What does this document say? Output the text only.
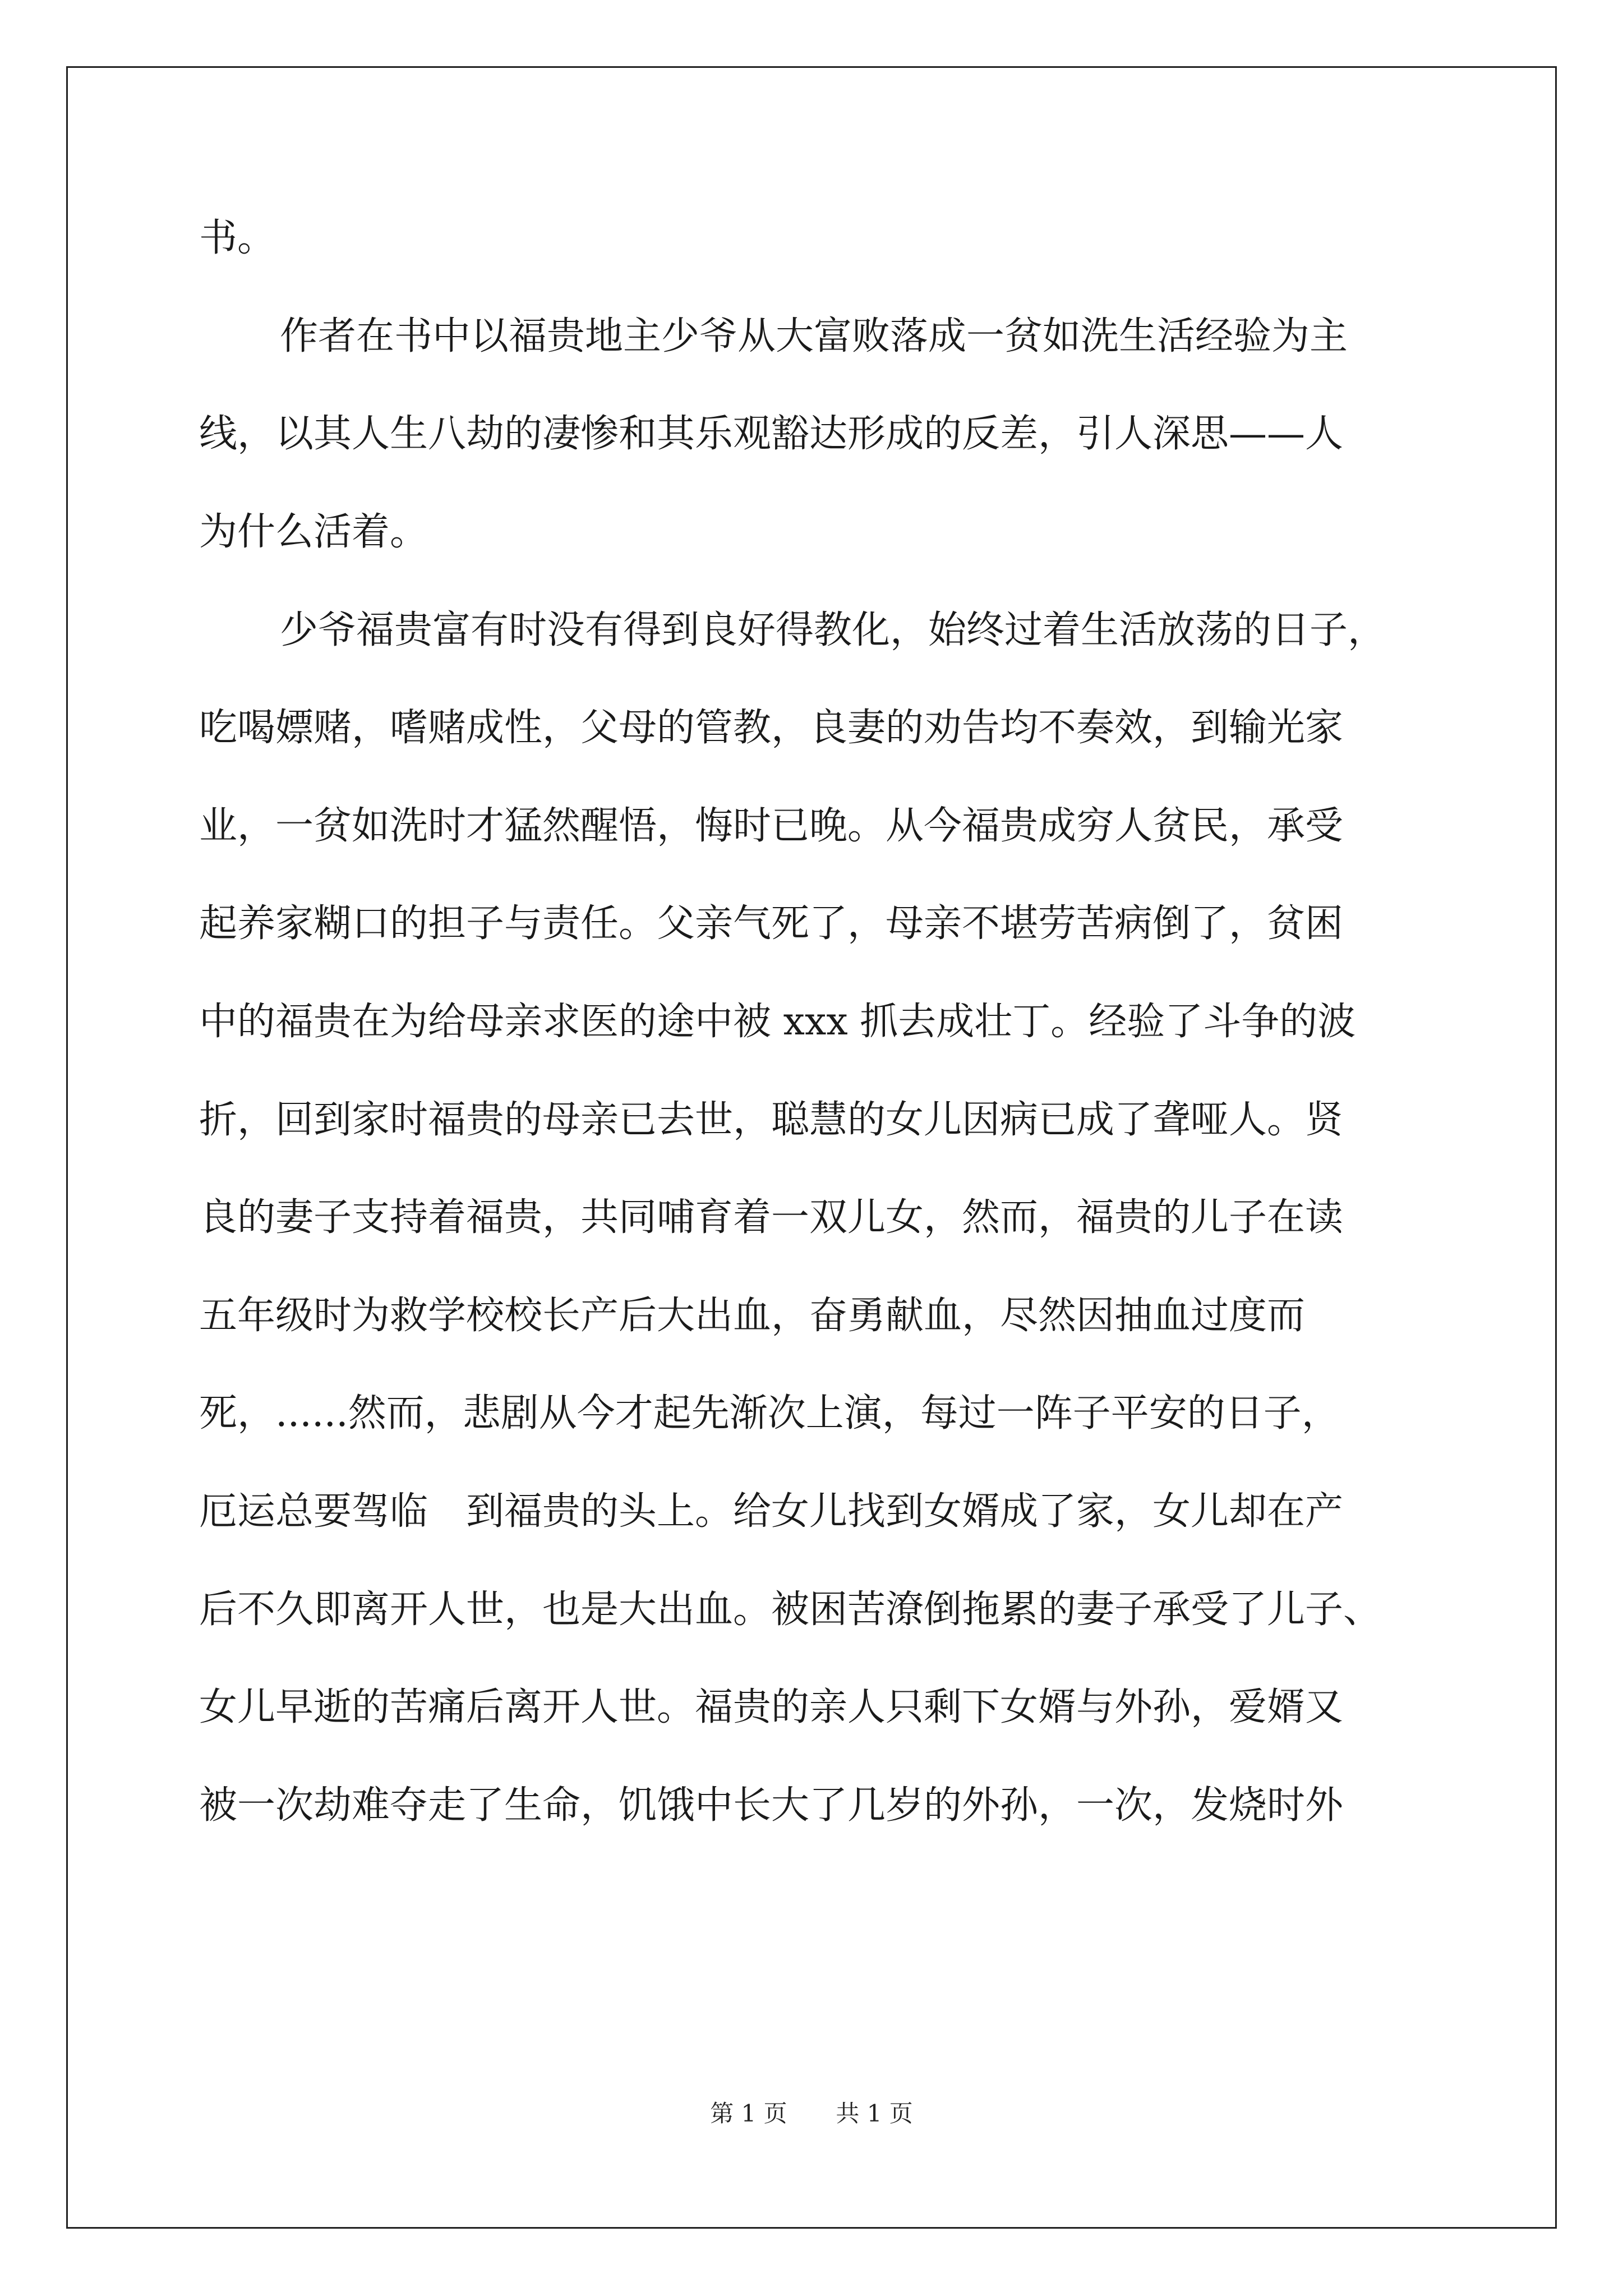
书。
作者在书中以福贵地主少爷从大富败落成一贫如洗生活经验为主
线，以其人生八劫的凄惨和其乐观豁达形成的反差，引人深思——人
为什么活着。
少爷福贵富有时没有得到良好得教化，始终过着生活放荡的日子，
吃喝嫖赌，嗜赌成性，父母的管教，良妻的劝告均不奏效，到输光家
业，一贫如洗时才猛然醒悟，悔时已晚。从今福贵成穷人贫民，承受
起养家糊口的担子与责任。父亲气死了，母亲不堪劳苦病倒了，贫困
中的福贵在为给母亲求医的途中被 xxx 抓去成壮丁。经验了斗争的波
折，回到家时福贵的母亲已去世，聪慧的女儿因病已成了聋哑人。贤
良的妻子支持着福贵，共同哺育着一双儿女，然而，福贵的儿子在读
五年级时为救学校校长产后大出血，奋勇献血，尽然因抽血过度而
死，......然而，悲剧从今才起先渐次上演，每过一阵子平安的日子，
厄运总要驾临　到福贵的头上。给女儿找到女婿成了家，女儿却在产
后不久即离开人世，也是大出血。被困苦潦倒拖累的妻子承受了儿子、
女儿早逝的苦痛后离开人世。福贵的亲人只剩下女婿与外孙，爱婿又
被一次劫难夺走了生命，饥饿中长大了几岁的外孙，一次，发烧时外
第 1 页 共 1 页
